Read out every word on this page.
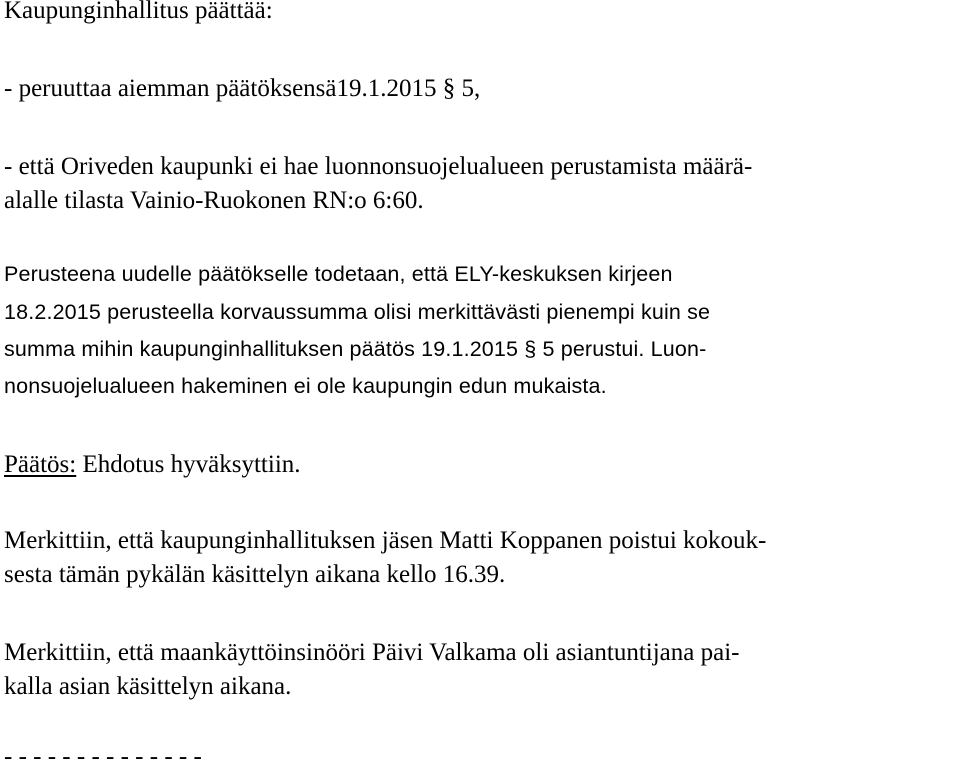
Kaupunginhallitus päättää:
- peruuttaa aiemman päätöksensä19.1.2015 § 5,
- että Oriveden kaupunki ei hae luonnonsuojelualueen perustamista määrä-
alalle tilasta Vainio-Ruokonen RN:o 6:60.
Perusteena uudelle päätökselle todetaan, että ELY-keskuksen kirjeen
18.2.2015 perusteella korvaussumma olisi merkittävästi pienempi kuin se
summa mihin kaupunginhallituksen päätös 19.1.2015 § 5 perustui. Luon-
nonsuojelualueen hakeminen ei ole kaupungin edun mukaista.
Päätös: Ehdotus hyväksyttiin.
Merkittiin, että kaupunginhallituksen jäsen Matti Koppanen poistui kokouk-
sesta tämän pykälän käsittelyn aikana kello 16.39.
Merkittiin, että maankäyttöinsinööri Päivi Valkama oli asiantuntijana pai-
kalla asian käsittelyn aikana.
- - - - - - - - - - - - - -
